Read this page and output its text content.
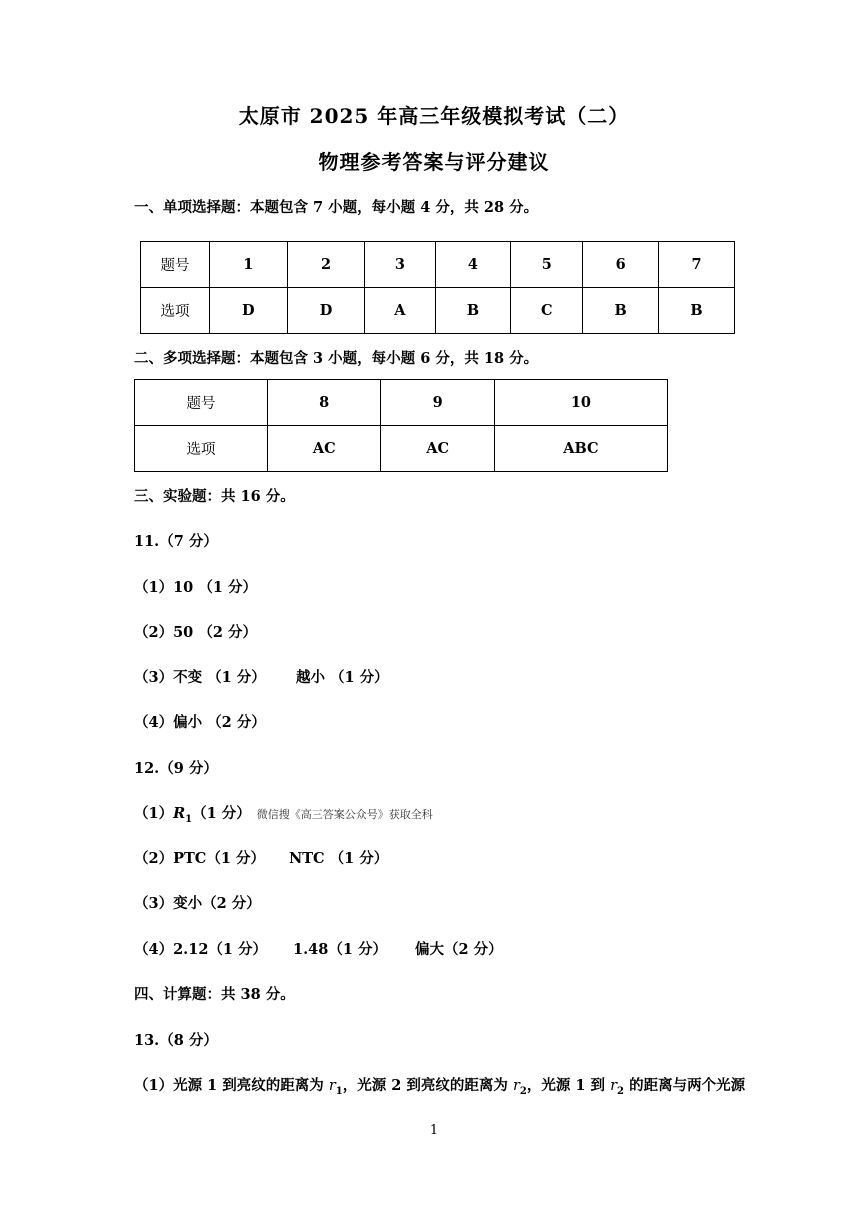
太原市 2025 年高三年级模拟考试（二）
物理参考答案与评分建议
一、单项选择题：本题包含 7 小题，每小题 4 分，共 28 分。
题号	1	2	3	4	5	6	7
选项	D	D	A	B	C	B	B
二、多项选择题：本题包含 3 小题，每小题 6 分，共 18 分。
题号	8	9	10
选项	AC	AC	ABC
三、实验题：共 16 分。
11.（7 分）
（1）10 （1 分）
（2）50 （2 分）
（3）不变 （1 分） 越小 （1 分）
（4）偏小 （2 分）
12.（9 分）
$(1)R_1(1$ 分） 微信搜《高三答案公众号》获取全科
（2）PTC（1 分） NTC （1 分）
（3）变小（2 分）
（4）2.12（1 分） 1.48（1 分） 偏大（2 分）
四、计算题：共 38 分。
13.（8 分）
（1）光源 1 到亮纹的距离为 $r_1$，光源 2 到亮纹的距离为 $r_2$，光源 1 到 $r_2$ 的距离与两个光源
1
